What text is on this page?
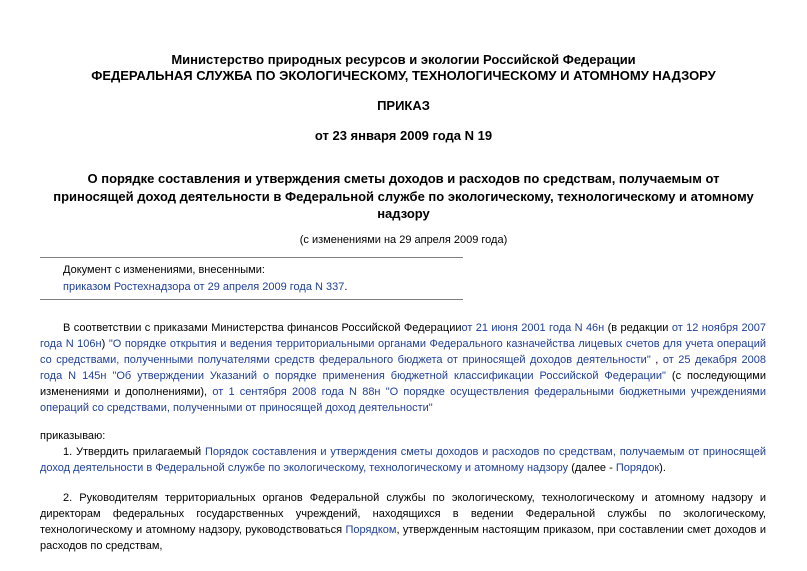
Министерство природных ресурсов и экологии Российской Федерации
ФЕДЕРАЛЬНАЯ СЛУЖБА ПО ЭКОЛОГИЧЕСКОМУ, ТЕХНОЛОГИЧЕСКОМУ И АТОМНОМУ НАДЗОРУ
ПРИКАЗ
от 23 января 2009 года N 19
О порядке составления и утверждения сметы доходов и расходов по средствам, получаемым от
приносящей доход деятельности в Федеральной службе по экологическому, технологическому и атомному
надзору
(с изменениями на 29 апреля 2009 года)
Документ с изменениями, внесенными:
приказом Ростехнадзора от 29 апреля 2009 года N 337.
В соответствии с приказами Министерства финансов Российской Федерацииот 21 июня 2001 года N 46н (в редакции от 12 ноября 2007 года N 106н) "О порядке открытия и ведения территориальными органами Федерального казначейства лицевых счетов для учета операций со средствами, полученными получателями средств федерального бюджета от приносящей доходов деятельности" , от 25 декабря 2008 года N 145н "Об утверждении Указаний о порядке применения бюджетной классификации Российской Федерации" (с последующими изменениями и дополнениями), от 1 сентября 2008 года N 88н "О порядке осуществления федеральными бюджетными учреждениями операций со средствами, полученными от приносящей доход деятельности"
приказываю:
1. Утвердить прилагаемый Порядок составления и утверждения сметы доходов и расходов по средствам, получаемым от приносящей доход деятельности в Федеральной службе по экологическому, технологическому и атомному надзору (далее - Порядок).
2. Руководителям территориальных органов Федеральной службы по экологическому, технологическому и атомному надзору и директорам федеральных государственных учреждений, находящихся в ведении Федеральной службы по экологическому, технологическому и атомному надзору, руководствоваться Порядком, утвержденным настоящим приказом, при составлении смет доходов и расходов по средствам,
